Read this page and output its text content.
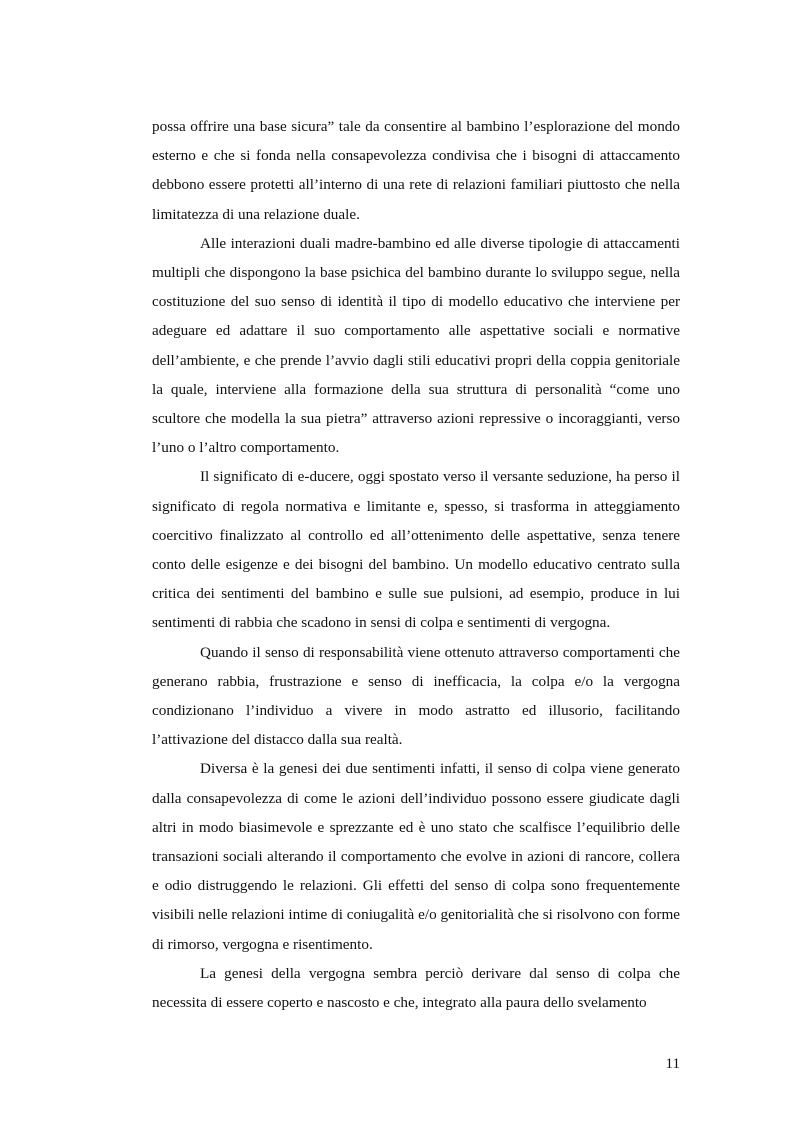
possa offrire una base sicura” tale da consentire al bambino l’esplorazione del mondo esterno e che si fonda nella consapevolezza condivisa che i bisogni di attaccamento debbono essere protetti all’interno di una rete di relazioni familiari piuttosto che nella limitatezza di una relazione duale.

Alle interazioni duali madre-bambino ed alle diverse tipologie di attaccamenti multipli che dispongono la base psichica del bambino durante lo sviluppo segue, nella costituzione del suo senso di identità il tipo di modello educativo che interviene per adeguare ed adattare il suo comportamento alle aspettative sociali e normative dell’ambiente, e che prende l’avvio dagli stili educativi propri della coppia genitoriale la quale, interviene alla formazione della sua struttura di personalità “come uno scultore che modella la sua pietra” attraverso azioni repressive o incoraggianti, verso l’uno o l’altro comportamento.

Il significato di e-ducere, oggi spostato verso il versante seduzione, ha perso il significato di regola normativa e limitante e, spesso, si trasforma in atteggiamento coercitivo finalizzato al controllo ed all’ottenimento delle aspettative, senza tenere conto delle esigenze e dei bisogni del bambino. Un modello educativo centrato sulla critica dei sentimenti del bambino e sulle sue pulsioni, ad esempio, produce in lui sentimenti di rabbia che scadono in sensi di colpa e sentimenti di vergogna.

Quando il senso di responsabilità viene ottenuto attraverso comportamenti che generano rabbia, frustrazione e senso di inefficacia, la colpa e/o la vergogna condizionano l’individuo a vivere in modo astratto ed illusorio, facilitando l’attivazione del distacco dalla sua realtà.

Diversa è la genesi dei due sentimenti infatti, il senso di colpa viene generato dalla consapevolezza di come le azioni dell’individuo possono essere giudicate dagli altri in modo biasimevole e sprezzante ed è uno stato che scalfisce l’equilibrio delle transazioni sociali alterando il comportamento che evolve in azioni di rancore, collera e odio distruggendo le relazioni. Gli effetti del senso di colpa sono frequentemente visibili nelle relazioni intime di coniugalità e/o genitorialità che si risolvono con forme di rimorso, vergogna e risentimento.

La genesi della vergogna sembra perciò derivare dal senso di colpa che necessita di essere coperto e nascosto e che, integrato alla paura dello svelamento

11
